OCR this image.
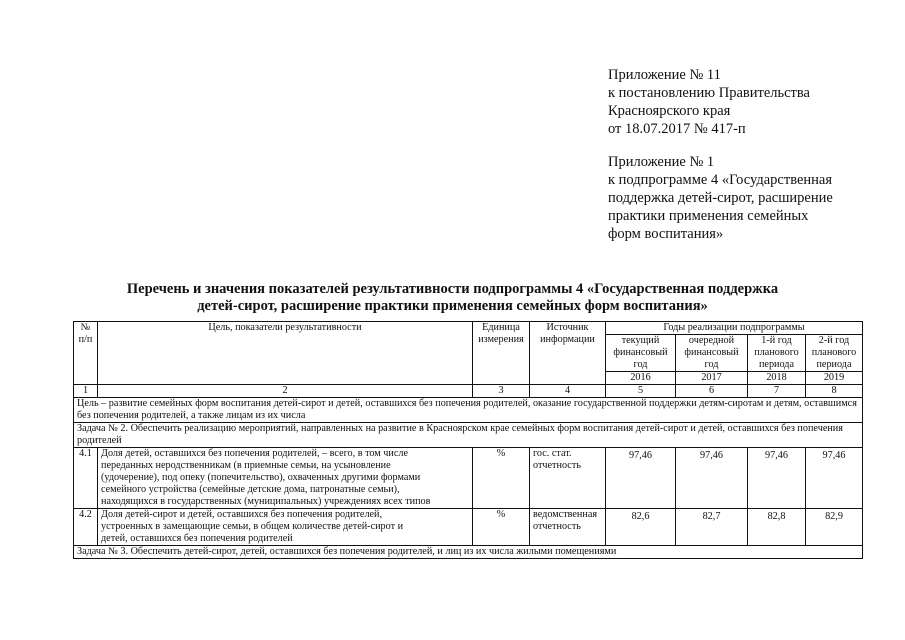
Приложение № 11
к постановлению Правительства
Красноярского края
от 18.07.2017 № 417-п
Приложение № 1
к подпрограмме 4 «Государственная
поддержка детей-сирот, расширение
практики применения семейных
форм воспитания»
Перечень и значения показателей результативности подпрограммы 4 «Государственная поддержка
детей-сирот, расширение практики применения семейных форм воспитания»
№ п/п	Цель, показатели результативности	Единица измерения	Источник информации	Годы реализации подпрограммы			
				текущий финансовый год	очередной финансовый год	1-й год планового периода	2-й год планового периода
				2016	2017	2018	2019
1	2	3	4	5	6	7	8
Цель – развитие семейных форм воспитания детей-сирот и детей, оставшихся без попечения родителей, оказание государственной поддержки детям-сиротам и детям, оставшимся без попечения родителей, а также лицам из их числа							
Задача № 2. Обеспечить реализацию мероприятий, направленных на развитие в Красноярском крае семейных форм воспитания детей-сирот и детей, оставшихся без попечения родителей							
4.1	Доля детей, оставшихся без попечения родителей, – всего, в том числе переданных неродственникам (в приемные семьи, на усыновление (удочерение), под опеку (попечительство), охваченных другими формами семейного устройства (семейные детские дома, патронатные семьи), находящихся в государственных (муниципальных) учреждениях всех типов	%	гос. стат. отчетность	97,46	97,46	97,46	97,46
4.2	Доля детей-сирот и детей, оставшихся без попечения родителей, устроенных в замещающие семьи, в общем количестве детей-сирот и детей, оставшихся без попечения родителей	%	ведомственная отчетность	82,6	82,7	82,8	82,9
Задача № 3. Обеспечить детей-сирот, детей, оставшихся без попечения родителей, и лиц из их числа жилыми помещениями							
